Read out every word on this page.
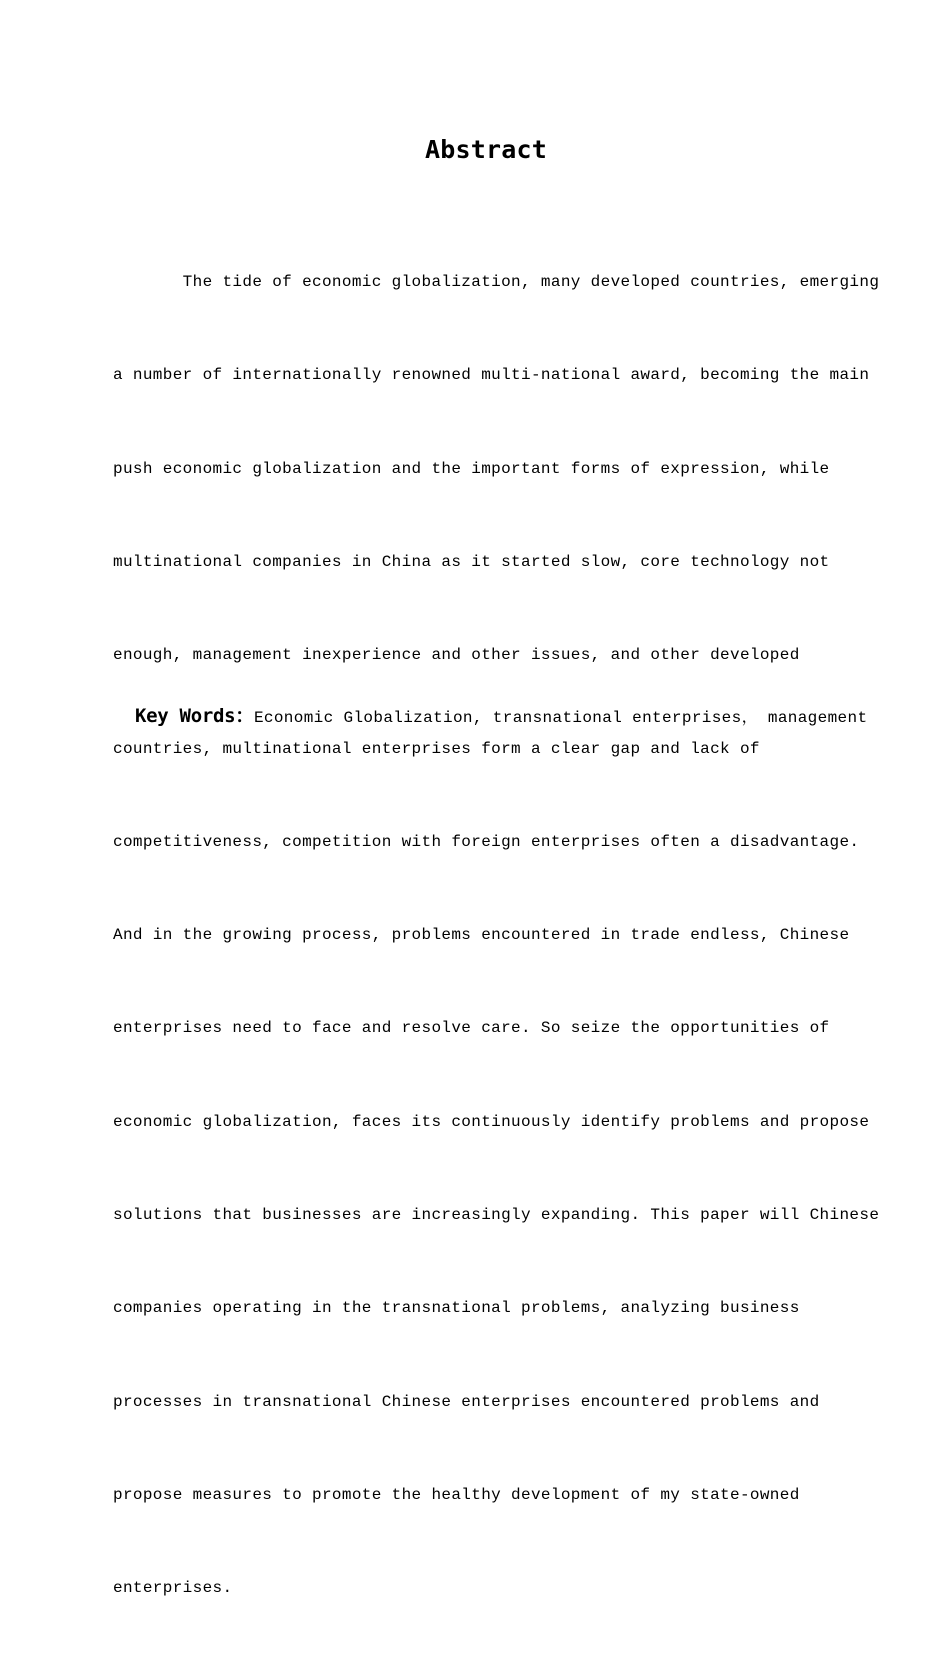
Abstract

The tide of economic globalization, many developed countries, emerging

a number of internationally renowned multi-national award, becoming the main

push economic globalization and the important forms of expression, while

multinational companies in China as it started slow, core technology not

enough, management inexperience and other issues, and other developed

countries, multinational enterprises form a clear gap and lack of

competitiveness, competition with foreign enterprises often a disadvantage.

And in the growing process, problems encountered in trade endless, Chinese

enterprises need to face and resolve care. So seize the opportunities of

economic globalization, faces its continuously identify problems and propose

solutions that businesses are increasingly expanding. This paper will Chinese

companies operating in the transnational problems, analyzing business

processes in transnational Chinese enterprises encountered problems and

propose measures to promote the healthy development of my state-owned

enterprises.

Key Words：Economic Globalization, transnational enterprises， management
